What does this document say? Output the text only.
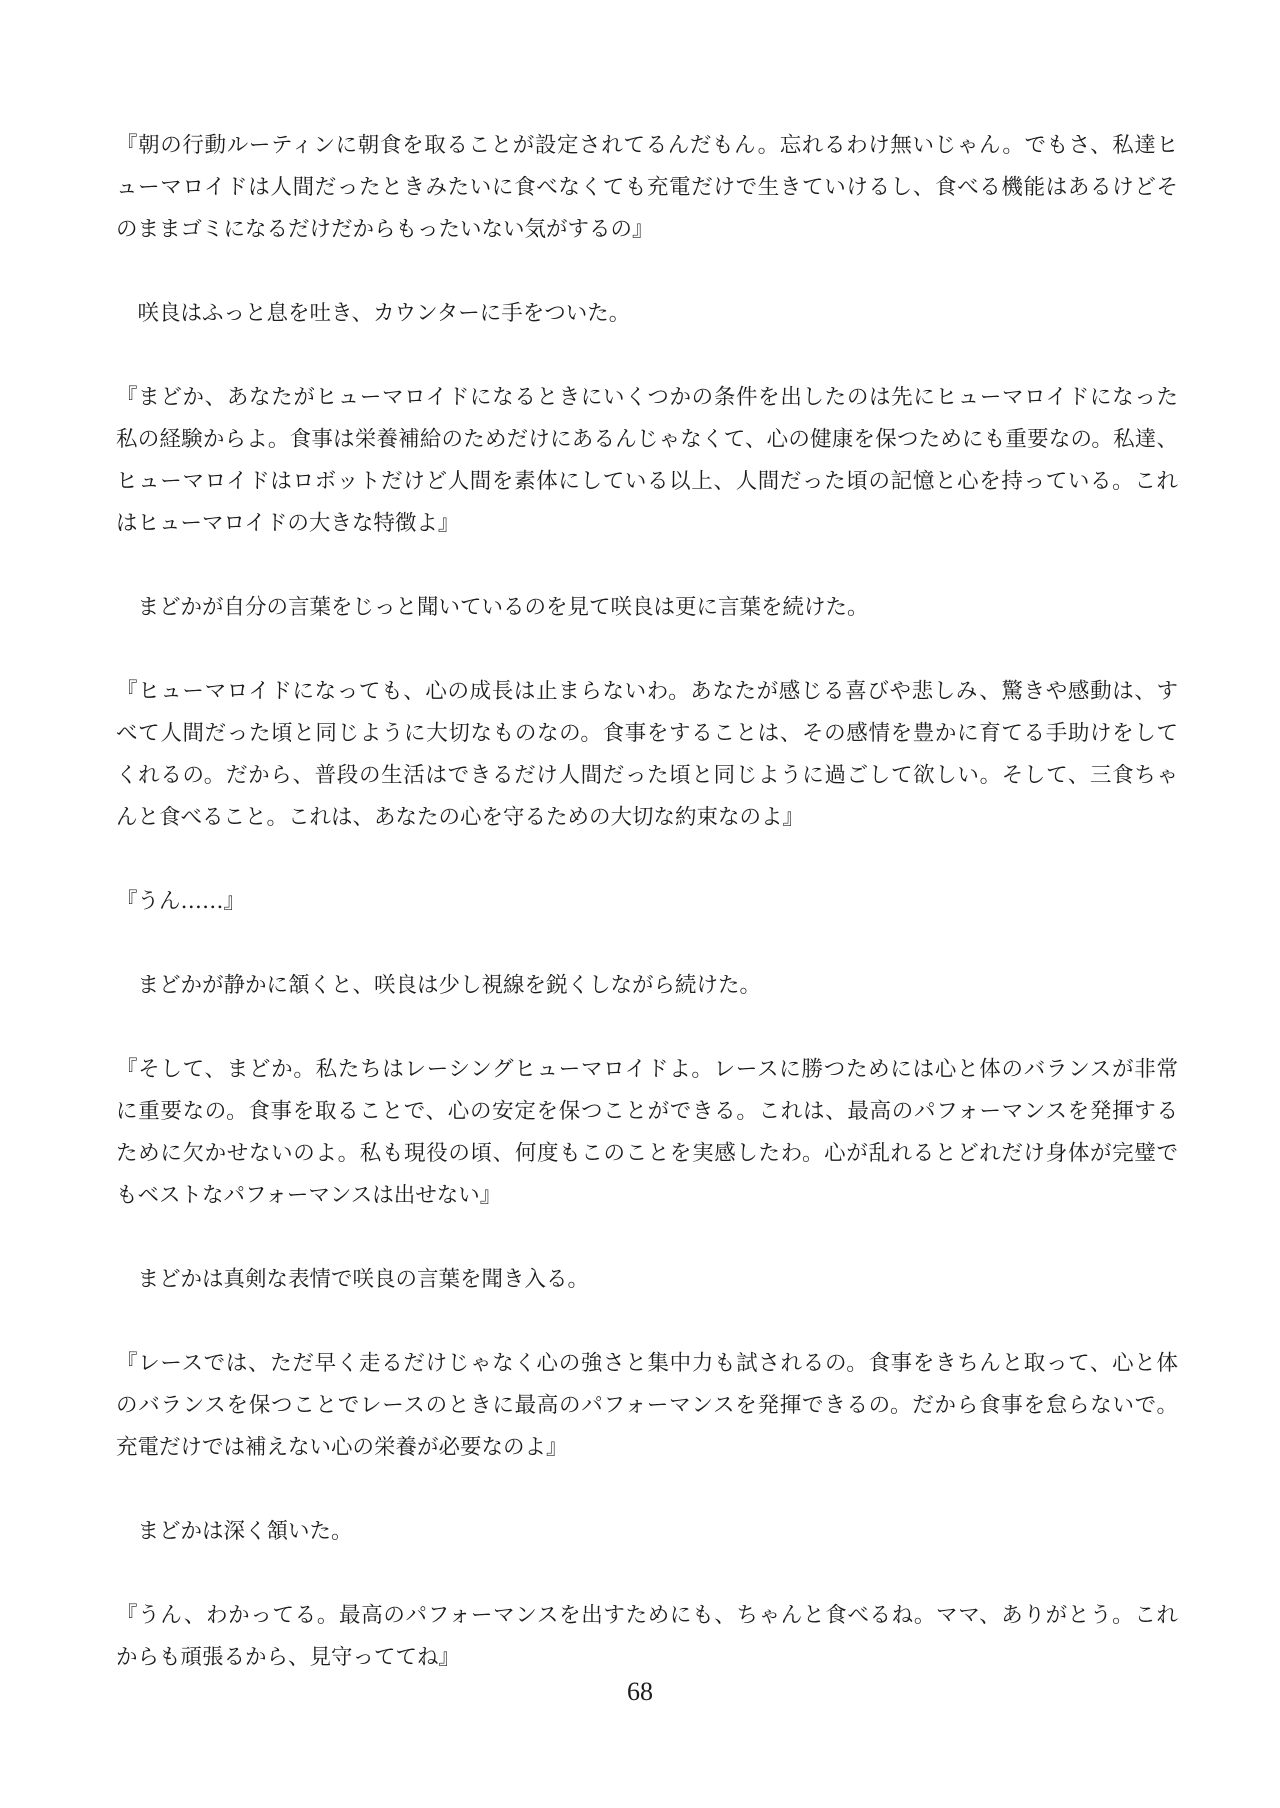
『朝の行動ルーティンに朝食を取ることが設定されてるんだもん。忘れるわけ無いじゃん。でもさ、私達ヒ
ューマロイドは人間だったときみたいに食べなくても充電だけで生きていけるし、食べる機能はあるけどそ
のままゴミになるだけだからもったいない気がするの』
　咲良はふっと息を吐き、カウンターに手をついた。
『まどか、あなたがヒューマロイドになるときにいくつかの条件を出したのは先にヒューマロイドになった
私の経験からよ。食事は栄養補給のためだけにあるんじゃなくて、心の健康を保つためにも重要なの。私達、
ヒューマロイドはロボットだけど人間を素体にしている以上、人間だった頃の記憶と心を持っている。これ
はヒューマロイドの大きな特徴よ』
　まどかが自分の言葉をじっと聞いているのを見て咲良は更に言葉を続けた。
『ヒューマロイドになっても、心の成長は止まらないわ。あなたが感じる喜びや悲しみ、驚きや感動は、す
べて人間だった頃と同じように大切なものなの。食事をすることは、その感情を豊かに育てる手助けをして
くれるの。だから、普段の生活はできるだけ人間だった頃と同じように過ごして欲しい。そして、三食ちゃ
んと食べること。これは、あなたの心を守るための大切な約束なのよ』
『うん……』
　まどかが静かに頷くと、咲良は少し視線を鋭くしながら続けた。
『そして、まどか。私たちはレーシングヒューマロイドよ。レースに勝つためには心と体のバランスが非常
に重要なの。食事を取ることで、心の安定を保つことができる。これは、最高のパフォーマンスを発揮する
ために欠かせないのよ。私も現役の頃、何度もこのことを実感したわ。心が乱れるとどれだけ身体が完璧で
もベストなパフォーマンスは出せない』
　まどかは真剣な表情で咲良の言葉を聞き入る。
『レースでは、ただ早く走るだけじゃなく心の強さと集中力も試されるの。食事をきちんと取って、心と体
のバランスを保つことでレースのときに最高のパフォーマンスを発揮できるの。だから食事を怠らないで。
充電だけでは補えない心の栄養が必要なのよ』
　まどかは深く頷いた。
『うん、わかってる。最高のパフォーマンスを出すためにも、ちゃんと食べるね。ママ、ありがとう。これ
からも頑張るから、見守っててね』
68
